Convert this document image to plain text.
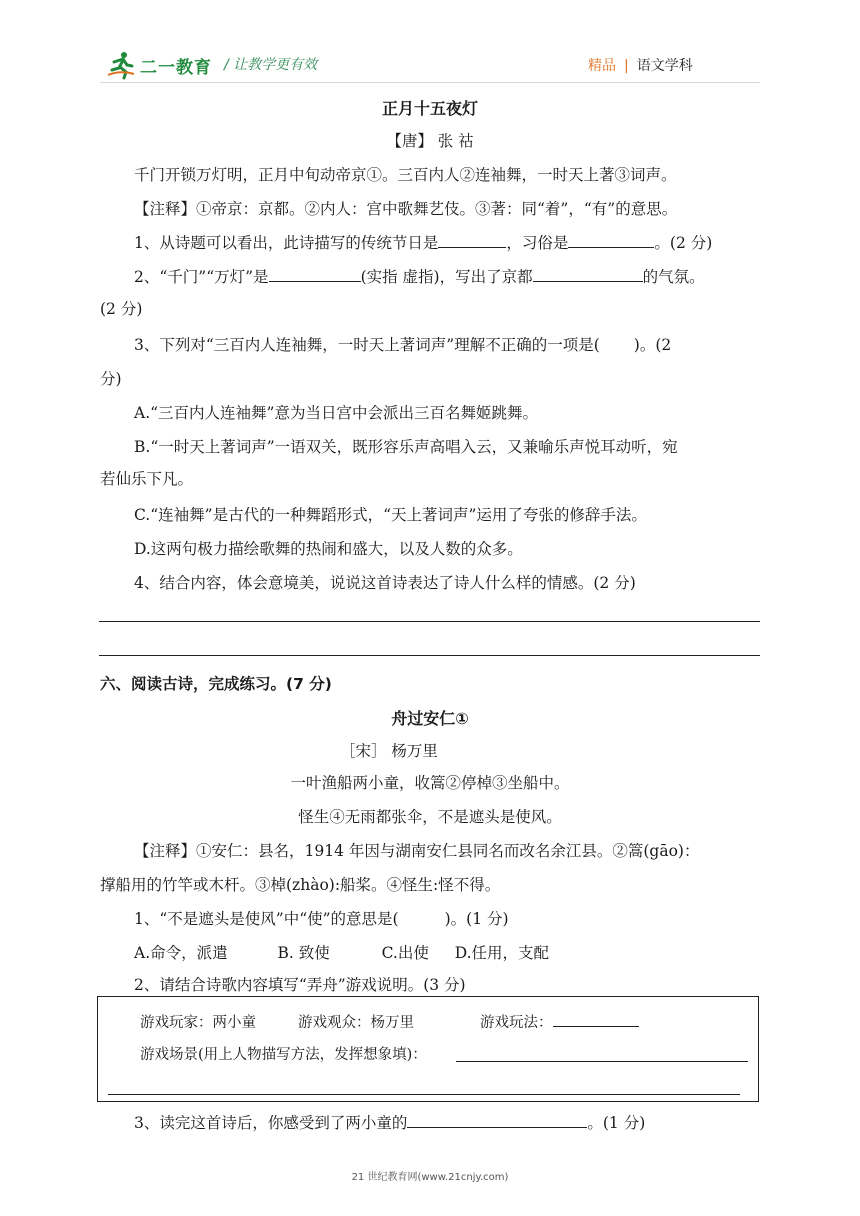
二一教育 / 让教学更有效	精品 | 语文学科
正月十五夜灯
【唐】 张 祜
千门开锁万灯明，正月中旬动帝京①。三百内人②连袖舞，一时天上著③词声。
【注释】①帝京：京都。②内人：宫中歌舞艺伎。③著：同“着”，“有”的意思。
1、从诗题可以看出，此诗描写的传统节日是	，习俗是	。(2 分)
2、“千门”“万灯”是	(实指 虚指)，写出了京都	的气氛。
(2 分)
3、下列对“三百内人连袖舞，一时天上著词声”理解不正确的一项是( )。(2
分)
A.“三百内人连袖舞”意为当日宫中会派出三百名舞姬跳舞。
B.“一时天上著词声”一语双关，既形容乐声高唱入云，又兼喻乐声悦耳动听，宛
若仙乐下凡。
C.“连袖舞”是古代的一种舞蹈形式，“天上著词声”运用了夸张的修辞手法。
D.这两句极力描绘歌舞的热闹和盛大，以及人数的众多。
4、结合内容，体会意境美，说说这首诗表达了诗人什么样的情感。(2 分)
六、阅读古诗，完成练习。(7 分)
舟过安仁①
［宋］ 杨万里
一叶渔船两小童，收篙②停棹③坐船中。
怪生④无雨都张伞，不是遮头是使风。
【注释】①安仁：县名，1914 年因与湖南安仁县同名而改名余江县。②篙(gāo)：
撑船用的竹竿或木杆。③棹(zhào):船桨。④怪生:怪不得。
1、“不是遮头是使风”中“使”的意思是(	)。(1 分)
A.命令，派遣	B. 致使	C.出使 D.任用，支配
2、请结合诗歌内容填写“弄舟”游戏说明。(3 分)
游戏玩家：两小童	游戏观众：杨万里	游戏玩法：
游戏场景(用上人物描写方法，发挥想象填)：
3、读完这首诗后，你感受到了两小童的	。(1 分)
21 世纪教育网(www.21cnjy.com)
